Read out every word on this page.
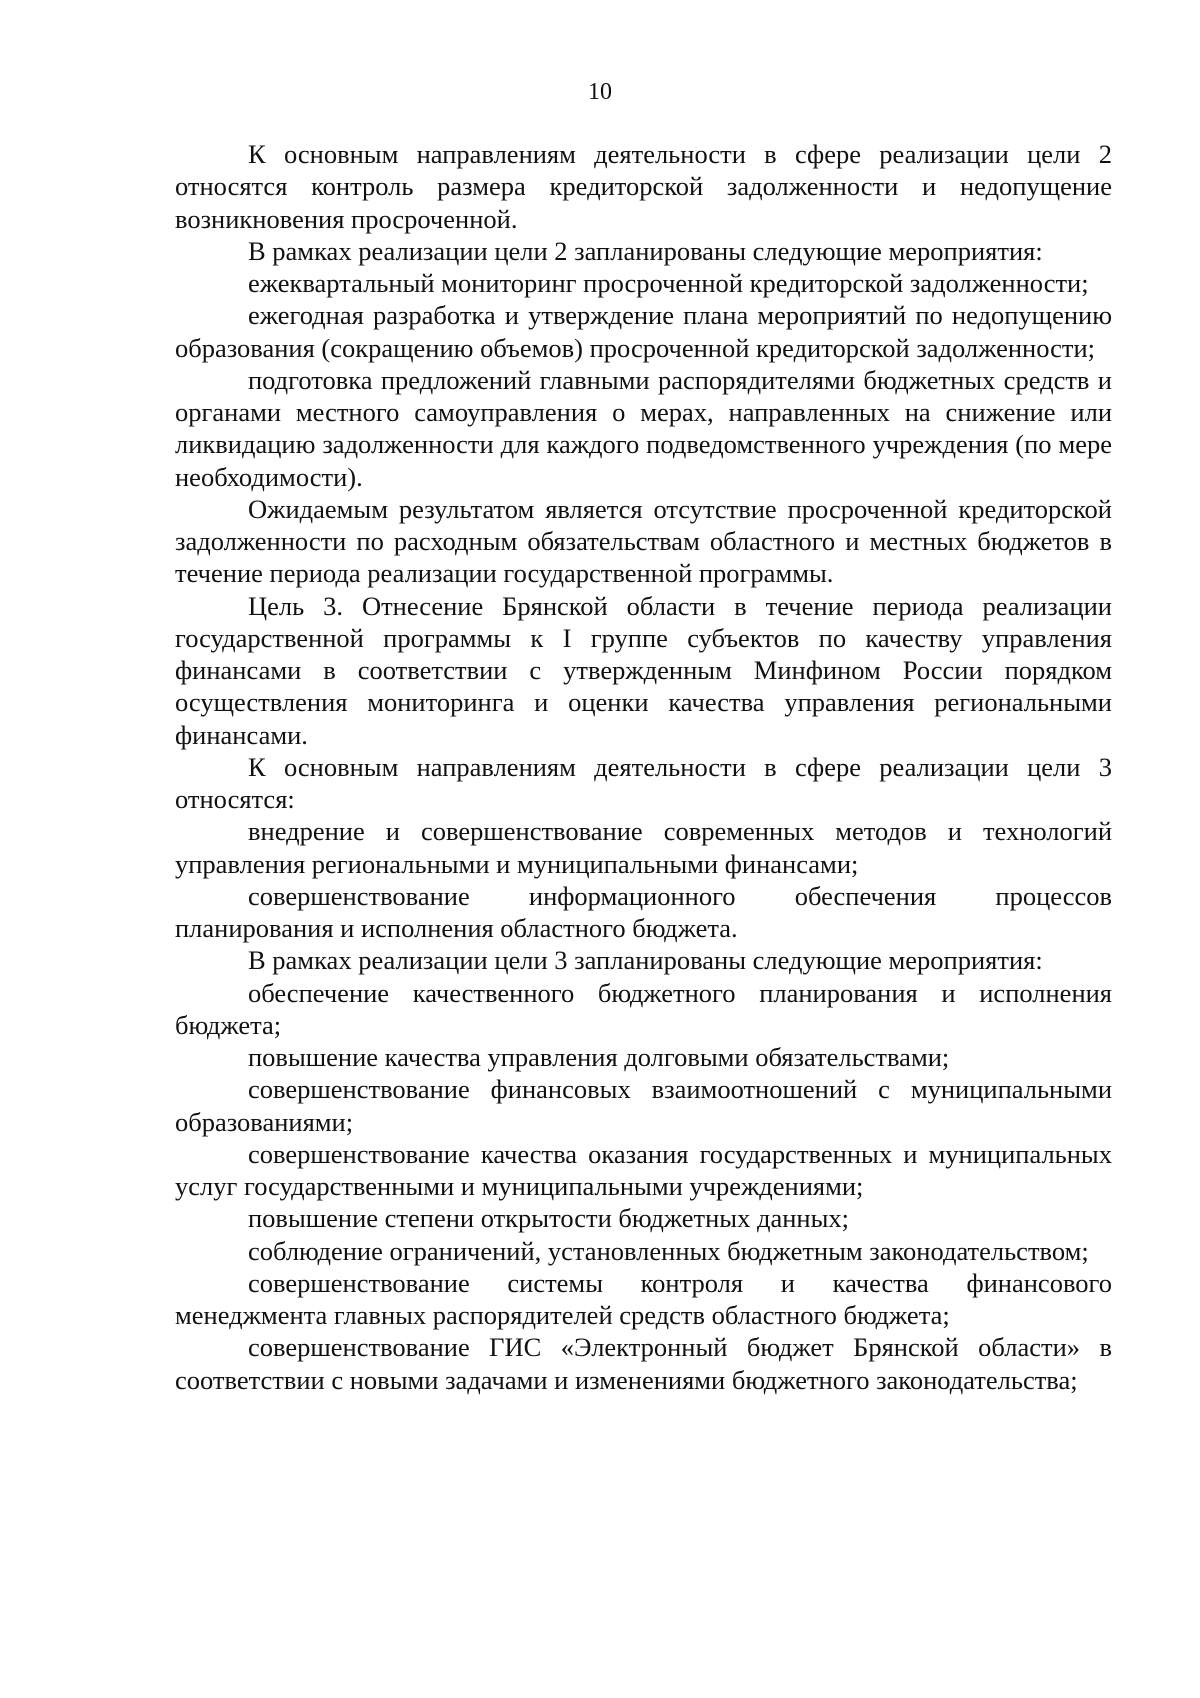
10

К основным направлениям деятельности в сфере реализации цели 2 относятся контроль размера кредиторской задолженности и недопущение возникновения просроченной.

В рамках реализации цели 2 запланированы следующие мероприятия:

ежеквартальный мониторинг просроченной кредиторской задолженности;

ежегодная разработка и утверждение плана мероприятий по недопущению образования (сокращению объемов) просроченной кредиторской задолженности;

подготовка предложений главными распорядителями бюджетных средств и органами местного самоуправления о мерах, направленных на снижение или ликвидацию задолженности для каждого подведомственного учреждения (по мере необходимости).

Ожидаемым результатом является отсутствие просроченной кредиторской задолженности по расходным обязательствам областного и местных бюджетов в течение периода реализации государственной программы.

Цель 3. Отнесение Брянской области в течение периода реализации государственной программы к I группе субъектов по качеству управления финансами в соответствии с утвержденным Минфином России порядком осуществления мониторинга и оценки качества управления региональными финансами.

К основным направлениям деятельности в сфере реализации цели 3 относятся:

внедрение и совершенствование современных методов и технологий управления региональными и муниципальными финансами;

совершенствование информационного обеспечения процессов планирования и исполнения областного бюджета.

В рамках реализации цели 3 запланированы следующие мероприятия:

обеспечение качественного бюджетного планирования и исполнения бюджета;

повышение качества управления долговыми обязательствами;

совершенствование финансовых взаимоотношений с муниципальными образованиями;

совершенствование качества оказания государственных и муниципальных услуг государственными и муниципальными учреждениями;

повышение степени открытости бюджетных данных;

соблюдение ограничений, установленных бюджетным законодательством;

совершенствование системы контроля и качества финансового менеджмента главных распорядителей средств областного бюджета;

совершенствование ГИС «Электронный бюджет Брянской области» в соответствии с новыми задачами и изменениями бюджетного законодательства;
